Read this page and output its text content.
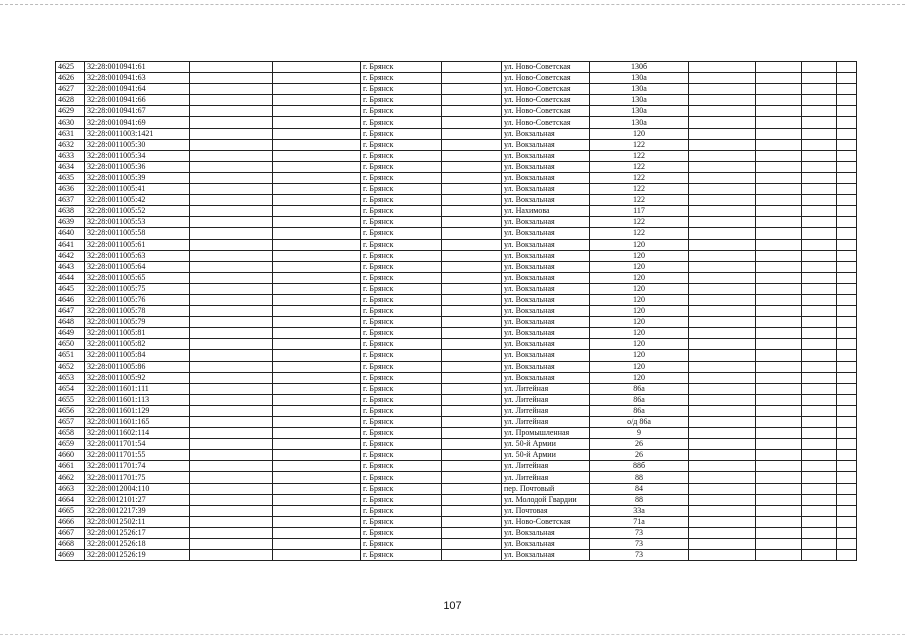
4625	32:28:0010941:61			г. Брянск		ул. Ново-Советская	130б				
4626	32:28:0010941:63			г. Брянск		ул. Ново-Советская	130а				
4627	32:28:0010941:64			г. Брянск		ул. Ново-Советская	130а				
4628	32:28:0010941:66			г. Брянск		ул. Ново-Советская	130а				
4629	32:28:0010941:67			г. Брянск		ул. Ново-Советская	130а				
4630	32:28:0010941:69			г. Брянск		ул. Ново-Советская	130а				
4631	32:28:0011003:1421			г. Брянск		ул. Вокзальная	120				
4632	32:28:0011005:30			г. Брянск		ул. Вокзальная	122				
4633	32:28:0011005:34			г. Брянск		ул. Вокзальная	122				
4634	32:28:0011005:36			г. Брянск		ул. Вокзальная	122				
4635	32:28:0011005:39			г. Брянск		ул. Вокзальная	122				
4636	32:28:0011005:41			г. Брянск		ул. Вокзальная	122				
4637	32:28:0011005:42			г. Брянск		ул. Вокзальная	122				
4638	32:28:0011005:52			г. Брянск		ул. Нахимова	117				
4639	32:28:0011005:53			г. Брянск		ул. Вокзальная	122				
4640	32:28:0011005:58			г. Брянск		ул. Вокзальная	122				
4641	32:28:0011005:61			г. Брянск		ул. Вокзальная	120				
4642	32:28:0011005:63			г. Брянск		ул. Вокзальная	120				
4643	32:28:0011005:64			г. Брянск		ул. Вокзальная	120				
4644	32:28:0011005:65			г. Брянск		ул. Вокзальная	120				
4645	32:28:0011005:75			г. Брянск		ул. Вокзальная	120				
4646	32:28:0011005:76			г. Брянск		ул. Вокзальная	120				
4647	32:28:0011005:78			г. Брянск		ул. Вокзальная	120				
4648	32:28:0011005:79			г. Брянск		ул. Вокзальная	120				
4649	32:28:0011005:81			г. Брянск		ул. Вокзальная	120				
4650	32:28:0011005:82			г. Брянск		ул. Вокзальная	120				
4651	32:28:0011005:84			г. Брянск		ул. Вокзальная	120				
4652	32:28:0011005:86			г. Брянск		ул. Вокзальная	120				
4653	32:28:0011005:92			г. Брянск		ул. Вокзальная	120				
4654	32:28:0011601:111			г. Брянск		ул. Литейная	86а				
4655	32:28:0011601:113			г. Брянск		ул. Литейная	86а				
4656	32:28:0011601:129			г. Брянск		ул. Литейная	86а				
4657	32:28:0011601:165			г. Брянск		ул. Литейная	о/д 86а				
4658	32:28:0011602:114			г. Брянск		ул. Промышленная	9				
4659	32:28:0011701:54			г. Брянск		ул. 50-й Армии	26				
4660	32:28:0011701:55			г. Брянск		ул. 50-й Армии	26				
4661	32:28:0011701:74			г. Брянск		ул. Литейная	88б				
4662	32:28:0011701:75			г. Брянск		ул. Литейная	88				
4663	32:28:0012004:110			г. Брянск		пер. Почтовый	84				
4664	32:28:0012101:27			г. Брянск		ул. Молодой Гвардии	88				
4665	32:28:0012217:39			г. Брянск		ул. Почтовая	33а				
4666	32:28:0012502:11			г. Брянск		ул. Ново-Советская	71а				
4667	32:28:0012526:17			г. Брянск		ул. Вокзальная	73				
4668	32:28:0012526:18			г. Брянск		ул. Вокзальная	73				
4669	32:28:0012526:19			г. Брянск		ул. Вокзальная	73				
107
